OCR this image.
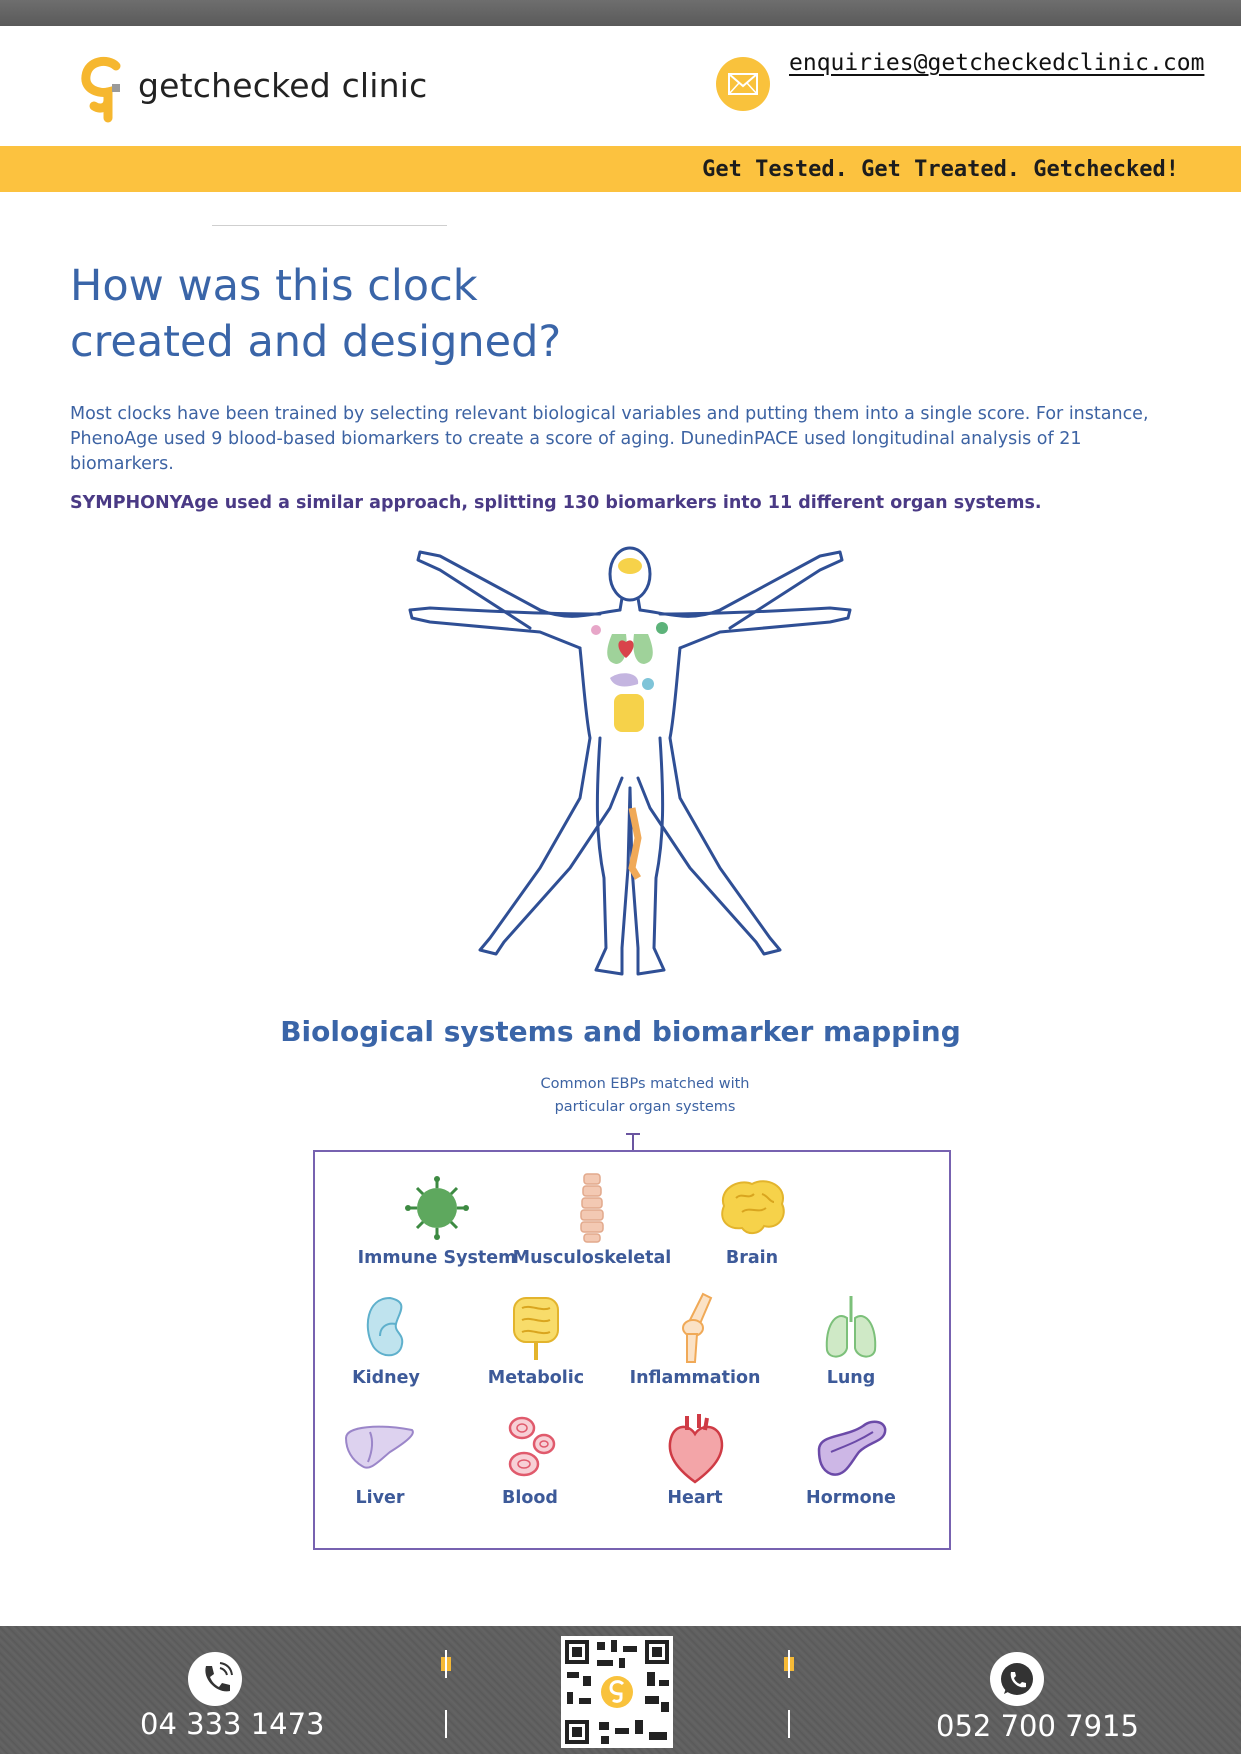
getchecked clinic
enquiries@getcheckedclinic.com
Get Tested. Get Treated. Getchecked!
How was this clock
created and designed?

Most clocks have been trained by selecting relevant biological variables and putting them into a single score. For instance, PhenoAge used 9 blood-based biomarkers to create a score of aging. DunedinPACE used longitudinal analysis of 21 biomarkers.

SYMPHONYAge used a similar approach, splitting 130 biomarkers into 11 different organ systems.

Biological systems and biomarker mapping
Common EBPs matched with
particular organ systems
Immune System
Musculoskeletal	Brain
Kidney	Metabolic	Inflammation	Lung
Liver	Blood	Heart	Hormone
04 333 1473	052 700 7915
